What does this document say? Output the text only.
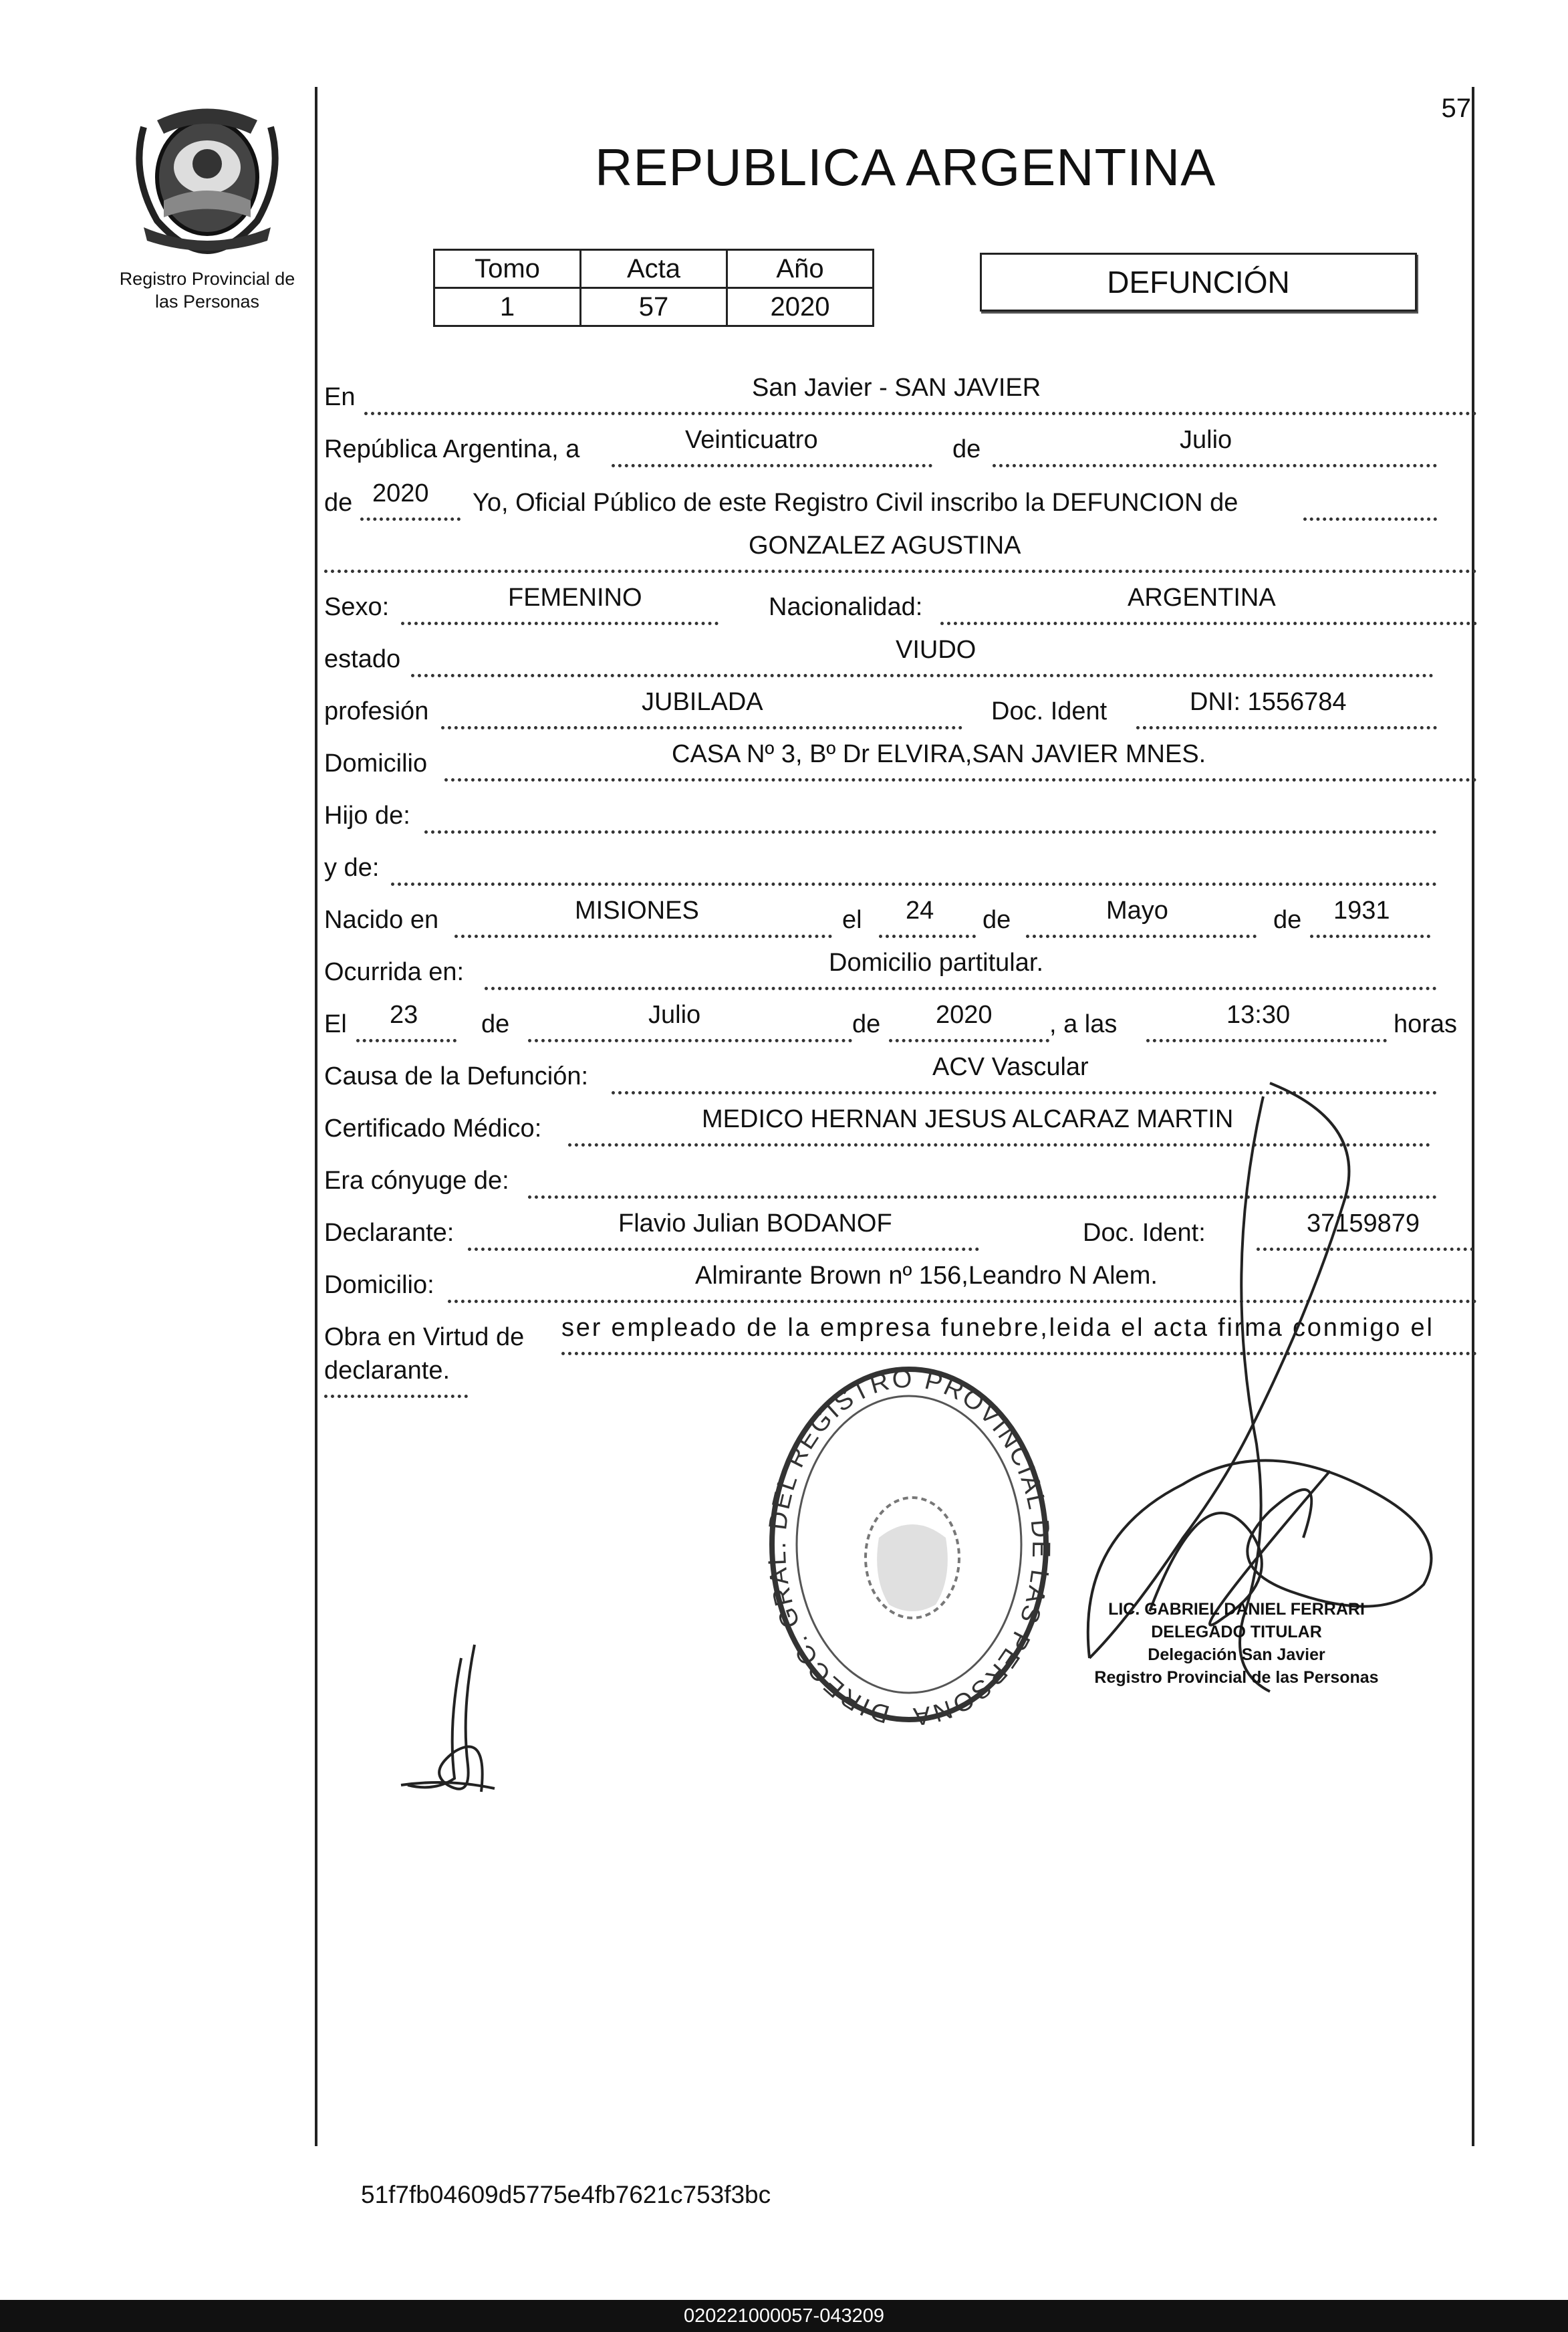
57
REPUBLICA ARGENTINA
Registro Provincial de
las Personas
Tomo	Acta	Año
1	57	2020
DEFUNCIÓN
En	San Javier - SAN JAVIER
República Argentina, a	Veinticuatro	de	Julio
de 2020 Yo, Oficial Público de este Registro Civil inscribo la DEFUNCION de
GONZALEZ AGUSTINA
Sexo:	FEMENINO	Nacionalidad:	ARGENTINA
estado	VIUDO
profesión	JUBILADA	Doc. Ident	DNI: 1556784
Domicilio	CASA Nº 3, Bº Dr ELVIRA,SAN JAVIER MNES.
Hijo de:
y de:
Nacido en	MISIONES	el 24 de	Mayo	de 1931
Ocurrida en:	Domicilio partitular.
El 23 de	Julio	de 2020 , a las	13:30	horas
Causa de la Defunción:	ACV Vascular
Certificado Médico:	MEDICO HERNAN JESUS ALCARAZ MARTIN
Era cónyuge de:
Declarante:	Flavio Julian BODANOF	Doc. Ident:	37159879
Domicilio:	Almirante Brown nº 156,Leandro N Alem.
Obra en Virtud de ser empleado de la empresa funebre,leida el acta firma conmigo el
declarante.
DIRECC. GRAL. DEL REGISTRO PROVINCIAL DE LAS PERSONA
LIC. GABRIEL DANIEL FERRARI
DELEGADO TITULAR
Delegación San Javier
Registro Provincial de las Personas
51f7fb04609d5775e4fb7621c753f3bc
020221000057-043209
